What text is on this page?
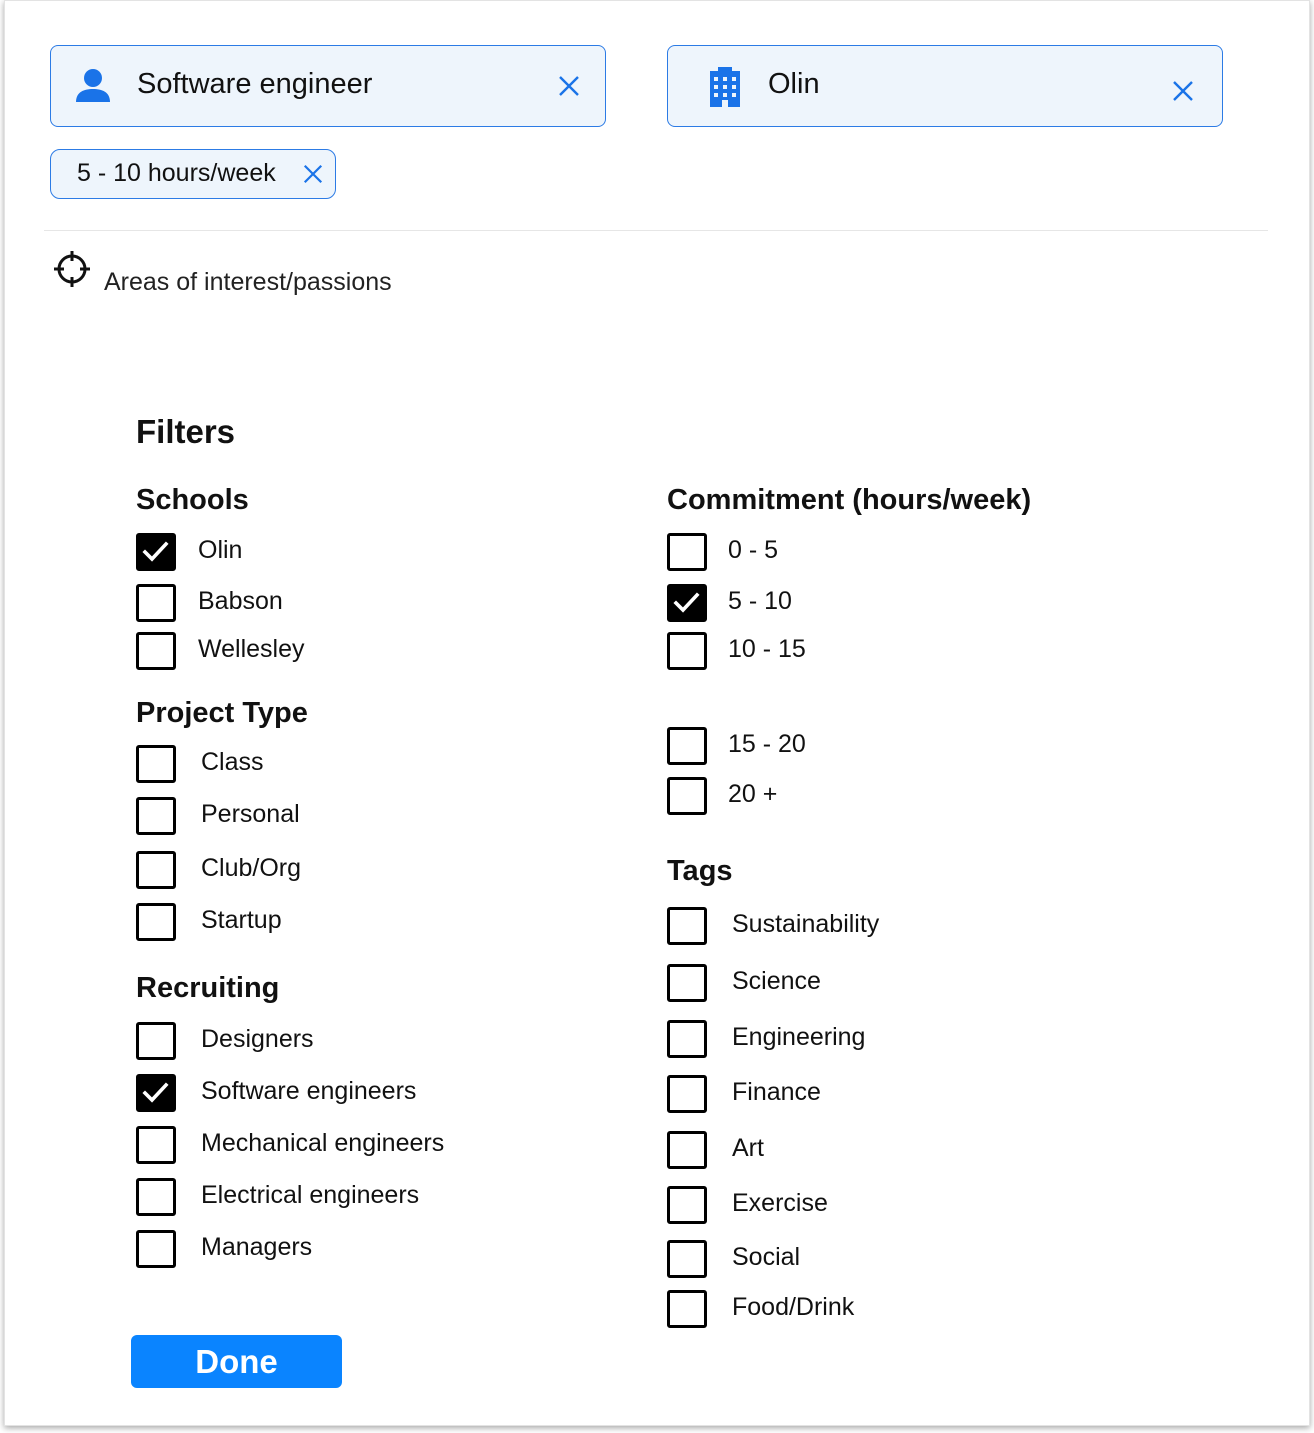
Software engineer	Olin
5 - 10 hours/week
Areas of interest/passions
Filters
Schools
Project Type
Recruiting
Commitment (hours/week)
Tags
Olin
Babson
Wellesley
Class
Personal
Club/Org
Startup
Designers
Software engineers
Mechanical engineers
Electrical engineers
Managers
0 - 5
5 - 10
10 - 15
15 - 20
20 +
Sustainability
Science
Engineering
Finance
Art
Exercise
Social
Food/Drink
Done
